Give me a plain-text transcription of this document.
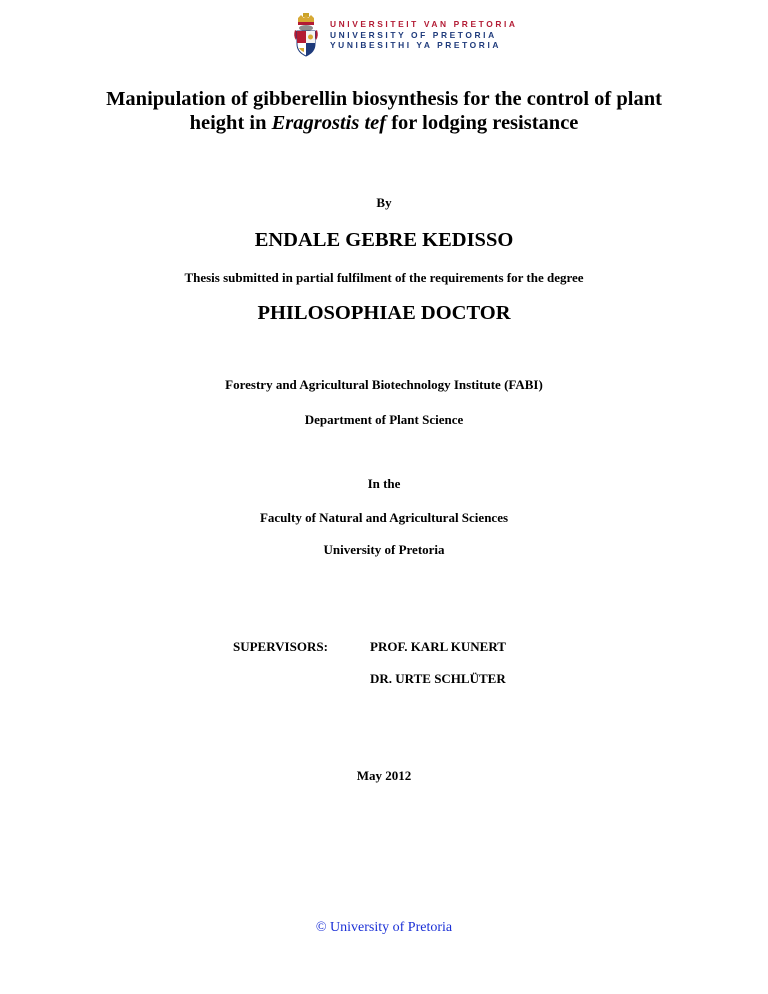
UNIVERSITEIT VAN PRETORIA
UNIVERSITY OF PRETORIA
YUNIBESITHI YA PRETORIA
Manipulation of gibberellin biosynthesis for the control of plant
height in Eragrostis tef for lodging resistance
By
ENDALE GEBRE KEDISSO
Thesis submitted in partial fulfilment of the requirements for the degree
PHILOSOPHIAE DOCTOR
Forestry and Agricultural Biotechnology Institute (FABI)
Department of Plant Science
In the
Faculty of Natural and Agricultural Sciences
University of Pretoria
SUPERVISORS:	PROF. KARL KUNERT
DR. URTE SCHLÜTER
May 2012
© University of Pretoria
